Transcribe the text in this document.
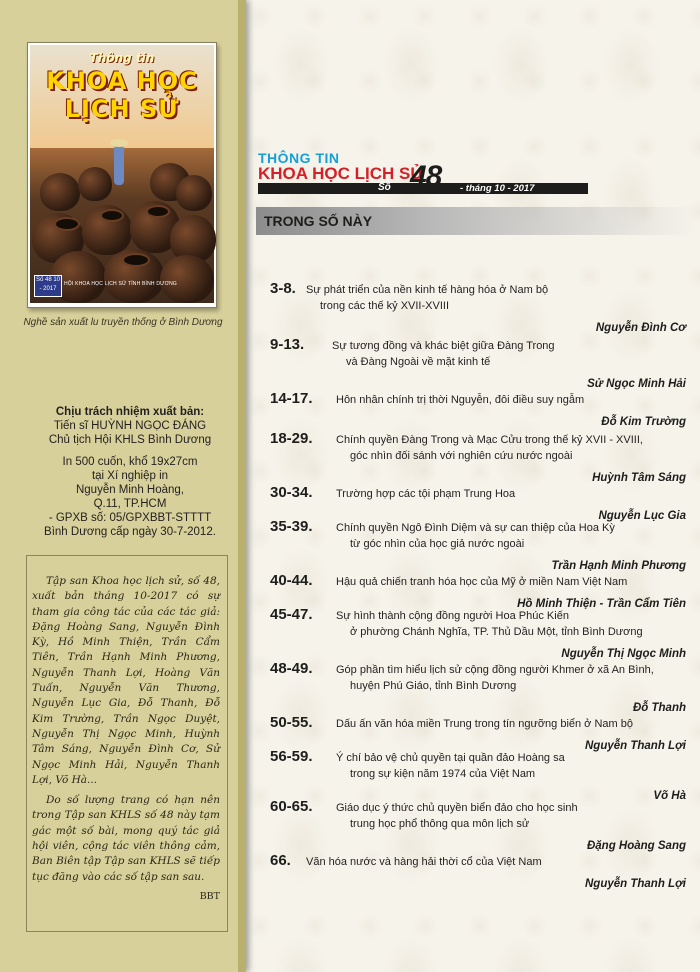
Thông tin
KHOA HỌC
LỊCH SỬ
Số 48 10 - 2017
HỘI KHOA HỌC LỊCH SỬ TỈNH BÌNH DƯƠNG
Nghề sản xuất lu truyền thống ở Bình Dương
Chịu trách nhiệm xuất bản:
Tiến sĩ HUỲNH NGỌC ĐÁNG
Chủ tịch Hội KHLS Bình Dương
In 500 cuốn, khổ 19x27cm
tại Xí nghiệp in
Nguyễn Minh Hoàng,
Q.11, TP.HCM
- GPXB số: 05/GPXBBT-STTTT
Bình Dương cấp ngày 30-7-2012.

Tập san Khoa học lịch sử, số 48, xuất bản tháng 10-2017 có sự tham gia công tác của các tác giả: Đặng Hoàng Sang, Nguyễn Đình Kỳ, Hồ Minh Thiện, Trần Cẩm Tiên, Trần Hạnh Minh Phương, Nguyễn Thanh Lợi, Hoàng Văn Tuấn, Nguyễn Văn Thương, Nguyễn Lục Gia, Đỗ Thanh, Đỗ Kim Trường, Trần Ngọc Duyệt, Nguyễn Thị Ngọc Minh, Huỳnh Tâm Sáng, Nguyễn Đình Cơ, Sử Ngọc Minh Hải, Nguyễn Thanh Lợi, Võ Hà...

Do số lượng trang có hạn nên trong Tập san KHLS số 48 này tạm gác một số bài, mong quý tác giả hội viên, cộng tác viên thông cảm, Ban Biên tập Tập san KHLS sẽ tiếp tục đăng vào các số tập san sau.

BBT
THÔNG TIN
KHOA HỌC LỊCH SỬ
Số 48 - tháng 10 - 2017
TRONG SỐ NÀY
3-8. Sự phát triển của nền kinh tế hàng hóa ở Nam bộ
trong các thế kỷ XVII-XVIII
Nguyễn Đình Cơ
9-13.	Sự tương đồng và khác biệt giữa Đàng Trong
và Đàng Ngoài về mặt kinh tế
Sử Ngọc Minh Hải
14-17. Hôn nhân chính trị thời Nguyễn, đôi điều suy ngẫm
Đỗ Kim Trường
18-29. Chính quyền Đàng Trong và Mạc Cửu trong thế kỷ XVII - XVIII,
góc nhìn đối sánh với nghiên cứu nước ngoài
Huỳnh Tâm Sáng
30-34. Trường hợp các tội phạm Trung Hoa
Nguyễn Lục Gia
35-39. Chính quyền Ngô Đình Diệm và sự can thiệp của Hoa Kỳ
từ góc nhìn của học giả nước ngoài
Trần Hạnh Minh Phương
40-44. Hậu quả chiến tranh hóa học của Mỹ ở miền Nam Việt Nam
Hồ Minh Thiện - Trần Cẩm Tiên
45-47. Sự hình thành cộng đồng người Hoa Phúc Kiến
ở phường Chánh Nghĩa, TP. Thủ Dầu Một, tỉnh Bình Dương
Nguyễn Thị Ngọc Minh
48-49. Góp phần tìm hiểu lịch sử cộng đồng người Khmer ở xã An Bình,
huyện Phú Giáo, tỉnh Bình Dương
Đỗ Thanh
50-55. Dấu ấn văn hóa miền Trung trong tín ngưỡng biển ở Nam bộ
Nguyễn Thanh Lợi
56-59. Ý chí bảo vệ chủ quyền tại quần đảo Hoàng sa
trong sự kiện năm 1974 của Việt Nam
Võ Hà
60-65. Giáo dục ý thức chủ quyền biển đảo cho học sinh
trung học phổ thông qua môn lịch sử
Đặng Hoàng Sang
66. Văn hóa nước và hàng hải thời cổ của Việt Nam
Nguyễn Thanh Lợi
